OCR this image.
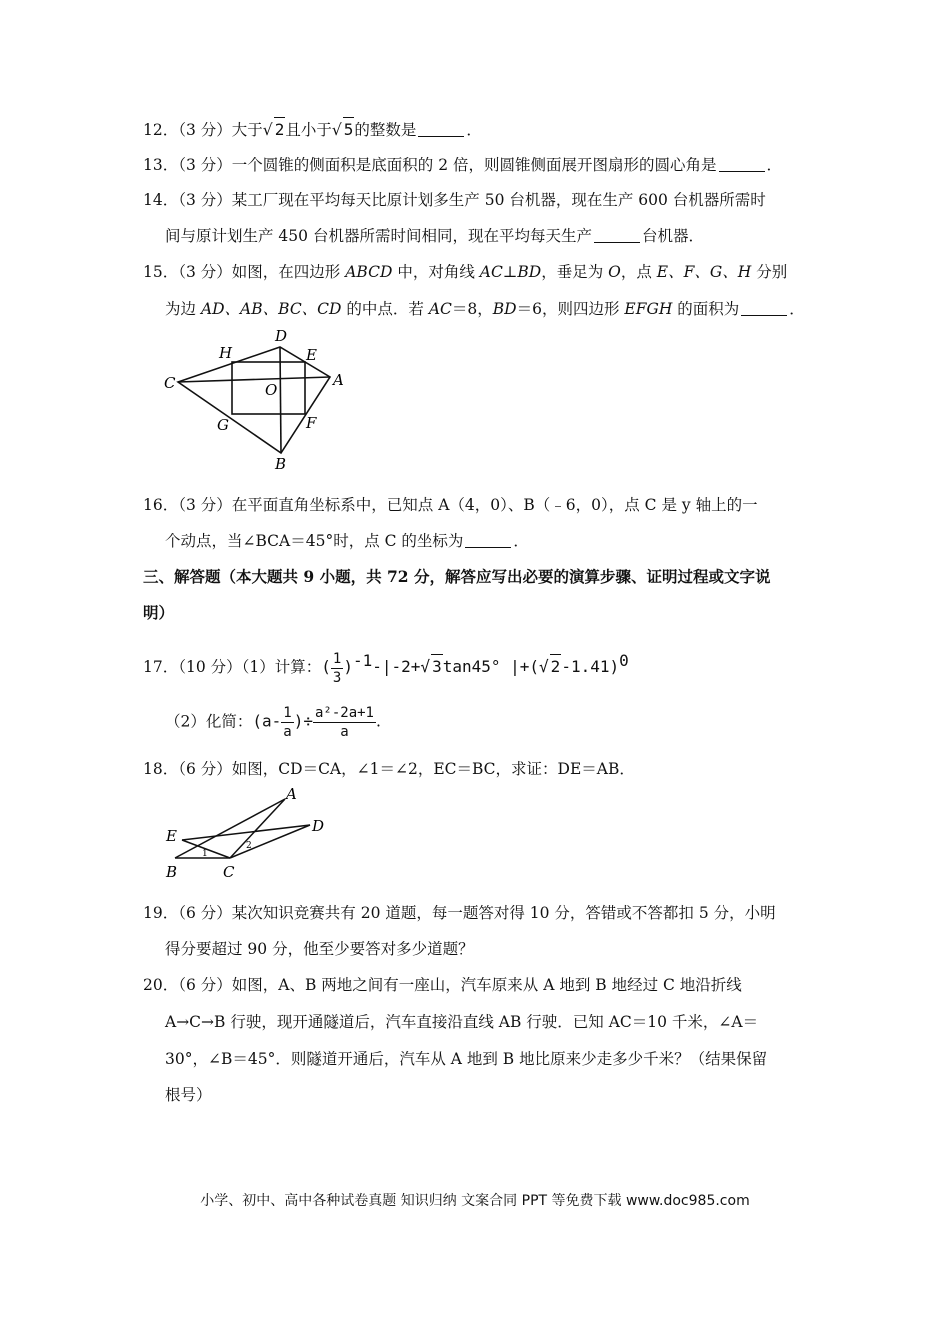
12．（3 分）大于√ 2且小于√ 5的整数是	．
13．（3 分）一个圆锥的侧面积是底面积的 2 倍，则圆锥侧面展开图扇形的圆心角是	．
14．（3 分）某工厂现在平均每天比原计划多生产 50 台机器，现在生产 600 台机器所需时
间与原计划生产 450 台机器所需时间相同，现在平均每天生产	台机器．
15．（3 分）如图，在四边形 ABCD 中，对角线 AC⊥BD，垂足为 O，点 E、F、G、H 分别
为边 AD、AB、BC、CD 的中点．若 AC＝8，BD＝6，则四边形 EFGH 的面积为	．
D
H	E
C	O
A
G	F
B
16．（3 分）在平面直角坐标系中，已知点 A（4，0）、B（﹣6，0），点 C 是 y 轴上的一
个动点，当∠BCA＝45°时，点 C 的坐标为	．
三、解答题（本大题共 9 小题，共 72 分，解答应写出必要的演算步骤、证明过程或文字说
明）
17．（10 分）（1）计算：( $\frac{1}{3} )^{-1}-|-2+√$ 3tan45° |+(√ 2-1.41)$^0$
（2）化简：($a- \frac{1}{a}$ )÷ $\frac{\text{a²-2a+1}}{a}$ .
18．（6 分）如图，CD＝CA，∠1＝∠2，EC＝BC，求证：DE＝AB．
A
E
D
B	C
1
2
19．（6 分）某次知识竞赛共有 20 道题，每一题答对得 10 分，答错或不答都扣 5 分，小明
得分要超过 90 分，他至少要答对多少道题？
20．（6 分）如图，A、B 两地之间有一座山，汽车原来从 A 地到 B 地经过 C 地沿折线
A→C→B 行驶，现开通隧道后，汽车直接沿直线 AB 行驶．已知 AC＝10 千米，∠A＝
30°，∠B＝45°．则隧道开通后，汽车从 A 地到 B 地比原来少走多少千米？（结果保留
根号）
小学、初中、高中各种试卷真题 知识归纳 文案合同 PPT 等免费下载 www.doc985.com
